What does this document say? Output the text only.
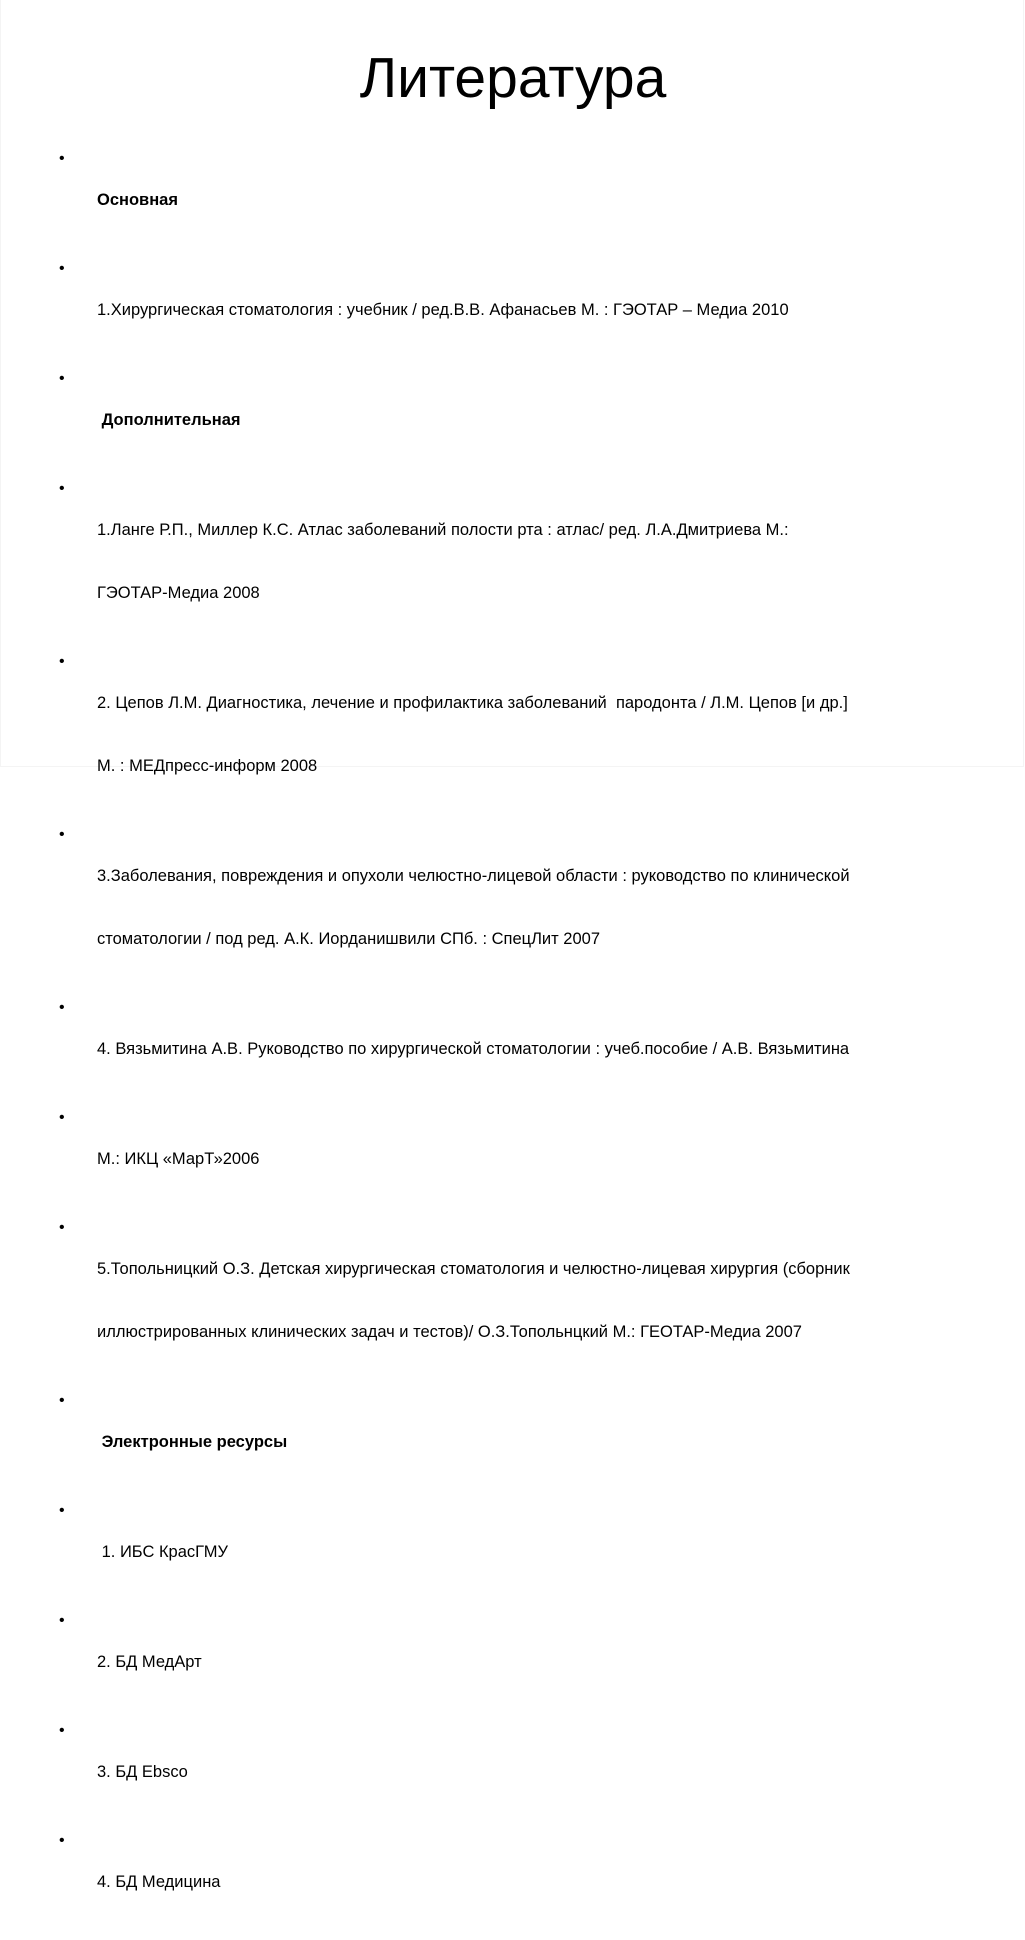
Литература
•

Основная

•

1.Хирургическая стоматология : учебник / ред.В.В. Афанасьев М. : ГЭОТАР – Медиа 2010

•

Дополнительная

•

1.Ланге Р.П., Миллер К.С. Атлас заболеваний полости рта : атлас/ ред. Л.А.Дмитриева М.:

ГЭОТАР-Медиа 2008

•

2. Цепов Л.М. Диагностика, лечение и профилактика заболеваний  пародонта / Л.М. Цепов [и др.]

М. : МЕДпресс-информ 2008

•

3.Заболевания, повреждения и опухоли челюстно-лицевой области : руководство по клинической

стоматологии / под ред. А.К. Иорданишвили СПб. : СпецЛит 2007

•

4. Вязьмитина А.В. Руководство по хирургической стоматологии : учеб.пособие / А.В. Вязьмитина

•

М.: ИКЦ «МарТ»2006

•

5.Топольницкий О.З. Детская хирургическая стоматология и челюстно-лицевая хирургия (сборник

иллюстрированных клинических задач и тестов)/ О.З.Топольнцкий М.: ГЕОТАР-Медиа 2007

•

Электронные ресурсы

•

1. ИБС КрасГМУ

•

2. БД МедАрт

•

3. БД Ebsco

•

4. БД Медицина
